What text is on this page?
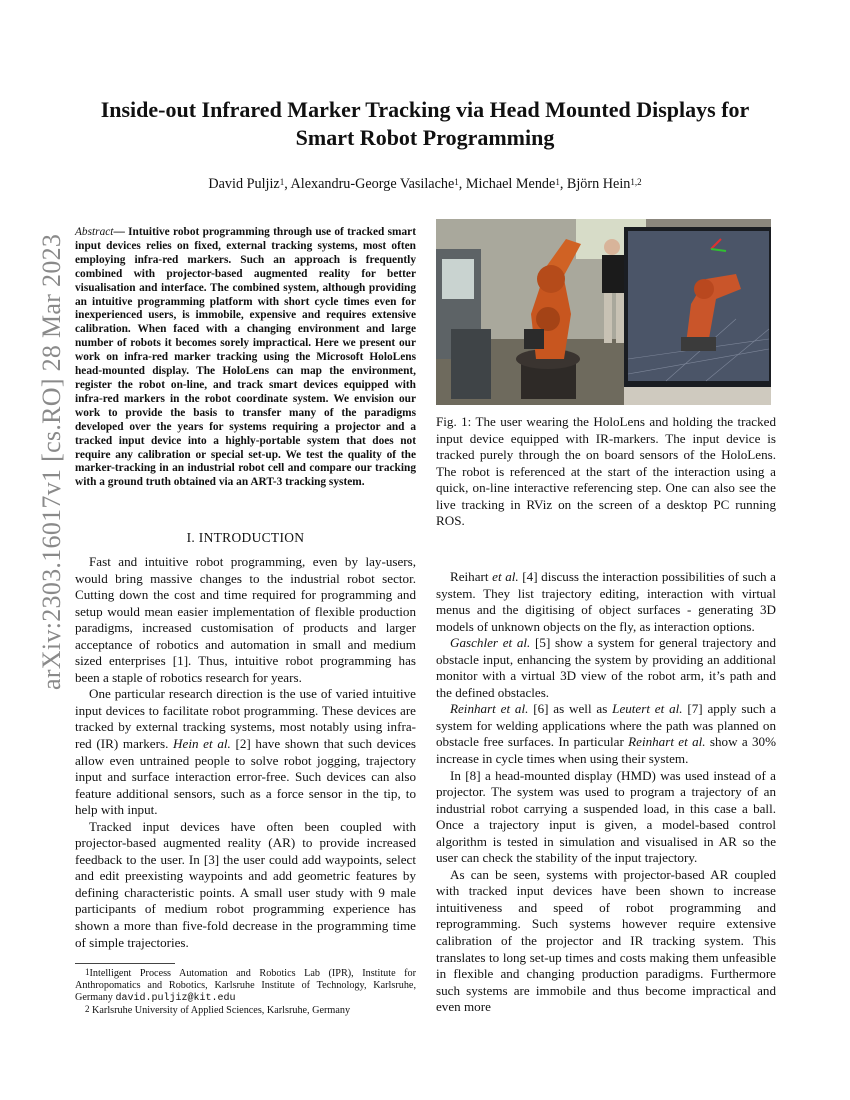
Inside-out Infrared Marker Tracking via Head Mounted Displays for
Smart Robot Programming
David Puljiz$^1$, Alexandru-George Vasilache$^1$, Michael Mende$^1$, Björn Hein$^{1,2}$
arXiv:2303.16017v1 [cs.RO] 28 Mar 2023
Abstract— Intuitive robot programming through use of tracked smart input devices relies on fixed, external tracking systems, most often employing infra-red markers. Such an approach is frequently combined with projector-based augmented reality for better visualisation and interface. The combined system, although providing an intuitive programming platform with short cycle times even for inexperienced users, is immobile, expensive and requires extensive calibration. When faced with a changing environment and large number of robots it becomes sorely impractical. Here we present our work on infra-red marker tracking using the Microsoft HoloLens head-mounted display. The HoloLens can map the environment, register the robot on-line, and track smart devices equipped with infra-red markers in the robot coordinate system. We envision our work to provide the basis to transfer many of the paradigms developed over the years for systems requiring a projector and a tracked input device into a highly-portable system that does not require any calibration or special set-up. We test the quality of the marker-tracking in an industrial robot cell and compare our tracking with a ground truth obtained via an ART-3 tracking system.
I. INTRODUCTION

Fast and intuitive robot programming, even by lay-users, would bring massive changes to the industrial robot sector. Cutting down the cost and time required for programming and setup would mean easier implementation of flexible production paradigms, increased customisation of products and larger acceptance of robotics and automation in small and medium sized enterprises [1]. Thus, intuitive robot programming has been a staple of robotics research for years.

One particular research direction is the use of varied intuitive input devices to facilitate robot programming. These devices are tracked by external tracking systems, most notably using infra-red (IR) markers. Hein et al. [2] have shown that such devices allow even untrained people to solve robot jogging, trajectory input and surface interaction error-free. Such devices can also feature additional sensors, such as a force sensor in the tip, to help with input.

Tracked input devices have often been coupled with projector-based augmented reality (AR) to provide increased feedback to the user. In [3] the user could add waypoints, select and edit preexisting waypoints and add geometric features by defining characteristic points. A small user study with 9 male participants of medium robot programming experience has shown a more than five-fold decrease in the programming time of simple trajectories.

$^1$Intelligent Process Automation and Robotics Lab (IPR), Institute for Anthropomatics and Robotics, Karlsruhe Institute of Technology, Karlsruhe, Germany david.puljiz@kit.edu

$^2$ Karlsruhe University of Applied Sciences, Karlsruhe, Germany

Fig. 1: The user wearing the HoloLens and holding the tracked input device equipped with IR-markers. The input device is tracked purely through the on board sensors of the HoloLens. The robot is referenced at the start of the interaction using a quick, on-line interactive referencing step. One can also see the live tracking in RViz on the screen of a desktop PC running ROS.

Reihart et al. [4] discuss the interaction possibilities of such a system. They list trajectory editing, interaction with virtual menus and the digitising of object surfaces - generating 3D models of unknown objects on the fly, as interaction options.

Gaschler et al. [5] show a system for general trajectory and obstacle input, enhancing the system by providing an additional monitor with a virtual 3D view of the robot arm, it’s path and the defined obstacles.

Reinhart et al. [6] as well as Leutert et al. [7] apply such a system for welding applications where the path was planned on obstacle free surfaces. In particular Reinhart et al. show a 30% increase in cycle times when using their system.

In [8] a head-mounted display (HMD) was used instead of a projector. The system was used to program a trajectory of an industrial robot carrying a suspended load, in this case a ball. Once a trajectory input is given, a model-based control algorithm is tested in simulation and visualised in AR so the user can check the stability of the input trajectory.

As can be seen, systems with projector-based AR coupled with tracked input devices have been shown to increase intuitiveness and speed of robot programming and reprogramming. Such systems however require extensive calibration of the projector and IR tracking system. This translates to long set-up times and costs making them unfeasible in flexible and changing production paradigms. Furthermore such systems are immobile and thus become impractical and even more
